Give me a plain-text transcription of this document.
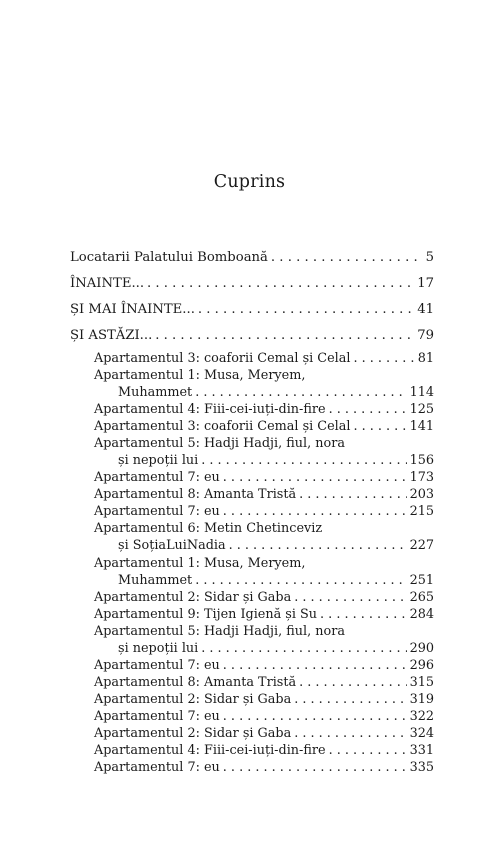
Cuprins
Locatarii Palatului Bomboană . . .	5
ÎNAINTE... . . .	17
ȘI MAI ÎNAINTE... . . .	41
ȘI ASTĂZI... . . .	79
Apartamentul 3: coaforii Cemal și Celal . . .	81
Apartamentul 1: Musa, Meryem,
Muhammet . . .	114
Apartamentul 4: Fiii-cei-iuți-din-fire . . .	125
Apartamentul 3: coaforii Cemal și Celal . . .	141
Apartamentul 5: Hadji Hadji, fiul, nora
și nepoții lui . . .	156
Apartamentul 7: eu . . .	173
Apartamentul 8: Amanta Tristă . . .	203
Apartamentul 7: eu . . .	215
Apartamentul 6: Metin Chetinceviz
și SoțiaLuiNadia . . .	227
Apartamentul 1: Musa, Meryem,
Muhammet . . .	251
Apartamentul 2: Sidar și Gaba . . .	265
Apartamentul 9: Tijen Igienă și Su . . .	284
Apartamentul 5: Hadji Hadji, fiul, nora
și nepoții lui . . .	290
Apartamentul 7: eu . . .	296
Apartamentul 8: Amanta Tristă . . .	315
Apartamentul 2: Sidar și Gaba . . .	319
Apartamentul 7: eu . . .	322
Apartamentul 2: Sidar și Gaba . . .	324
Apartamentul 4: Fiii-cei-iuți-din-fire . . .	331
Apartamentul 7: eu . . .	335
